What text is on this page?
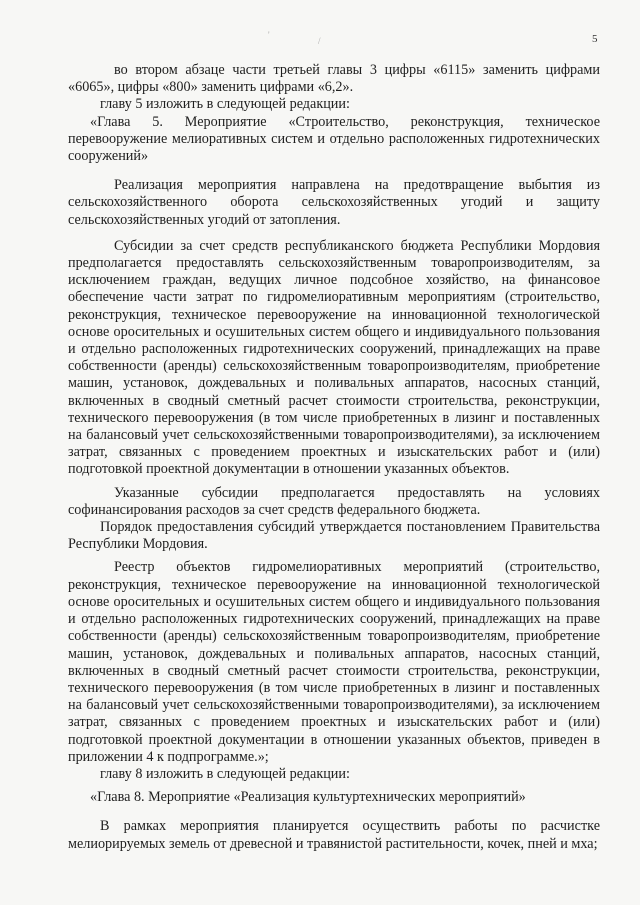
'
/	5

во втором абзаце части третьей главы 3 цифры «6115» заменить цифрами «6065», цифры «800» заменить цифрами «6,2».

главу 5 изложить в следующей редакции:

«Глава 5. Мероприятие «Строительство, реконструкция, техническое перевооружение мелиоративных систем и отдельно расположенных гидротехнических сооружений»

Реализация мероприятия направлена на предотвращение выбытия из сельскохозяйственного оборота сельскохозяйственных угодий и защиту сельскохозяйственных угодий от затопления.

Субсидии за счет средств республиканского бюджета Республики Мордовия предполагается предоставлять сельскохозяйственным товаропроизводителям, за исключением граждан, ведущих личное подсобное хозяйство, на финансовое обеспечение части затрат по гидромелиоративным мероприятиям (строительство, реконструкция, техническое перевооружение на инновационной технологической основе оросительных и осушительных систем общего и индивидуального пользования и отдельно расположенных гидротехнических сооружений, принадлежащих на праве собственности (аренды) сельскохозяйственным товаропроизводителям, приобретение машин, установок, дождевальных и поливальных аппаратов, насосных станций, включенных в сводный сметный расчет стоимости строительства, реконструкции, технического перевооружения (в том числе приобретенных в лизинг и поставленных на балансовый учет сельскохозяйственными товаропроизводителями), за исключением затрат, связанных с проведением проектных и изыскательских работ и (или) подготовкой проектной документации в отношении указанных объектов.

Указанные субсидии предполагается предоставлять на условиях софинансирования расходов за счет средств федерального бюджета.

Порядок предоставления субсидий утверждается постановлением Правительства Республики Мордовия.

Реестр объектов гидромелиоративных мероприятий (строительство, реконструкция, техническое перевооружение на инновационной технологической основе оросительных и осушительных систем общего и индивидуального пользования и отдельно расположенных гидротехнических сооружений, принадлежащих на праве собственности (аренды) сельскохозяйственным товаропроизводителям, приобретение машин, установок, дождевальных и поливальных аппаратов, насосных станций, включенных в сводный сметный расчет стоимости строительства, реконструкции, технического перевооружения (в том числе приобретенных в лизинг и поставленных на балансовый учет сельскохозяйственными товаропроизводителями), за исключением затрат, связанных с проведением проектных и изыскательских работ и (или) подготовкой проектной документации в отношении указанных объектов, приведен в приложении 4 к подпрограмме.»;

главу 8 изложить в следующей редакции:

«Глава 8. Мероприятие «Реализация культуртехнических мероприятий»

В рамках мероприятия планируется осуществить работы по расчистке мелиорируемых земель от древесной и травянистой растительности, кочек, пней и мха;
